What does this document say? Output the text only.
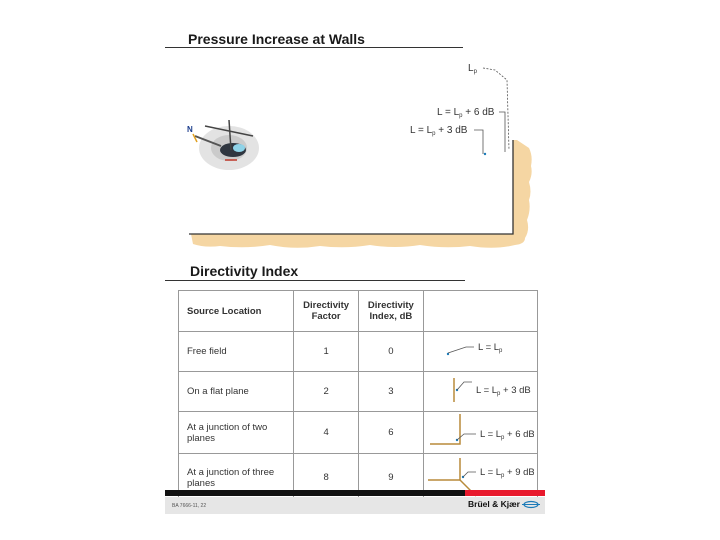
Pressure Increase at Walls
N
$L_p$
$L = L_p + 6$ dB
$L = L_p + 3$ dB
Directivity Index
Source Location	Directivity Factor	Directivity Index, dB	
Free field	1	0	$L = L_p$

On a flat plane	2	3	$L = L_p + 3$ dB

At a junction of two planes	4	6	$L = L_p + 6$ dB

At a junction of three planes	8	9	$L = L_p + 9$ dB
BA 7666-11, 22	Brüel & Kjær
